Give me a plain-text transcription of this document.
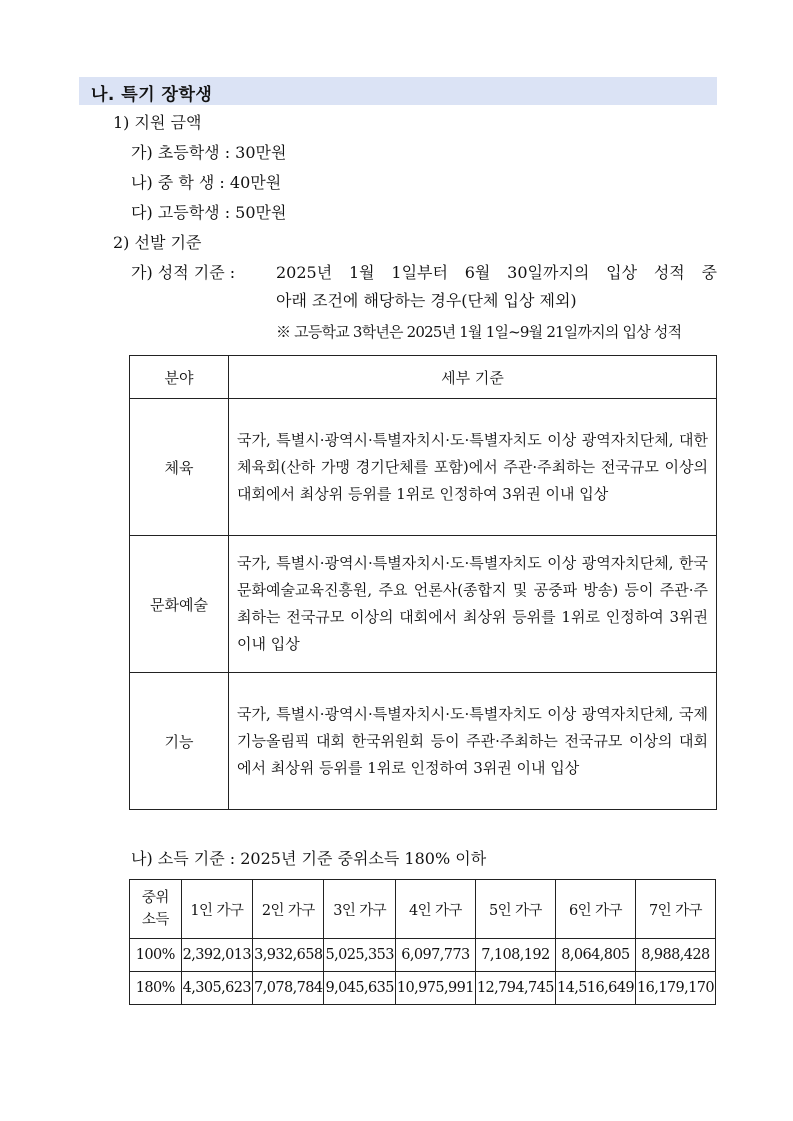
나. 특기 장학생
1) 지원 금액
가) 초등학생 : 30만원
나) 중 학 생 : 40만원
다) 고등학생 : 50만원
2) 선발 기준
가) 성적 기준 :	2025년 1월 1일부터 6월 30일까지의 입상 성적 중
아래 조건에 해당하는 경우(단체 입상 제외)
※ 고등학교 3학년은 2025년 1월 1일~9월 21일까지의 입상 성적
분야	세부 기준
체육	국가, 특별시·광역시·특별자치시·도·특별자치도 이상 광역자치단체, 대한체육회(산하 가맹 경기단체를 포함)에서 주관·주최하는 전국규모 이상의 대회에서 최상위 등위를 1위로 인정하여 3위권 이내 입상
문화예술	국가, 특별시·광역시·특별자치시·도·특별자치도 이상 광역자치단체, 한국문화예술교육진흥원, 주요 언론사(종합지 및 공중파 방송) 등이 주관·주최하는 전국규모 이상의 대회에서 최상위 등위를 1위로 인정하여 3위권 이내 입상
기능	국가, 특별시·광역시·특별자치시·도·특별자치도 이상 광역자치단체, 국제기능올림픽 대회 한국위원회 등이 주관·주최하는 전국규모 이상의 대회에서 최상위 등위를 1위로 인정하여 3위권 이내 입상
나) 소득 기준 : 2025년 기준 중위소득 180% 이하
중위
소득	1인 가구	2인 가구	3인 가구	4인 가구	5인 가구	6인 가구	7인 가구
100%	2,392,013	3,932,658	5,025,353	6,097,773	7,108,192	8,064,805	8,988,428
180%	4,305,623	7,078,784	9,045,635	10,975,991	12,794,745	14,516,649	16,179,170
